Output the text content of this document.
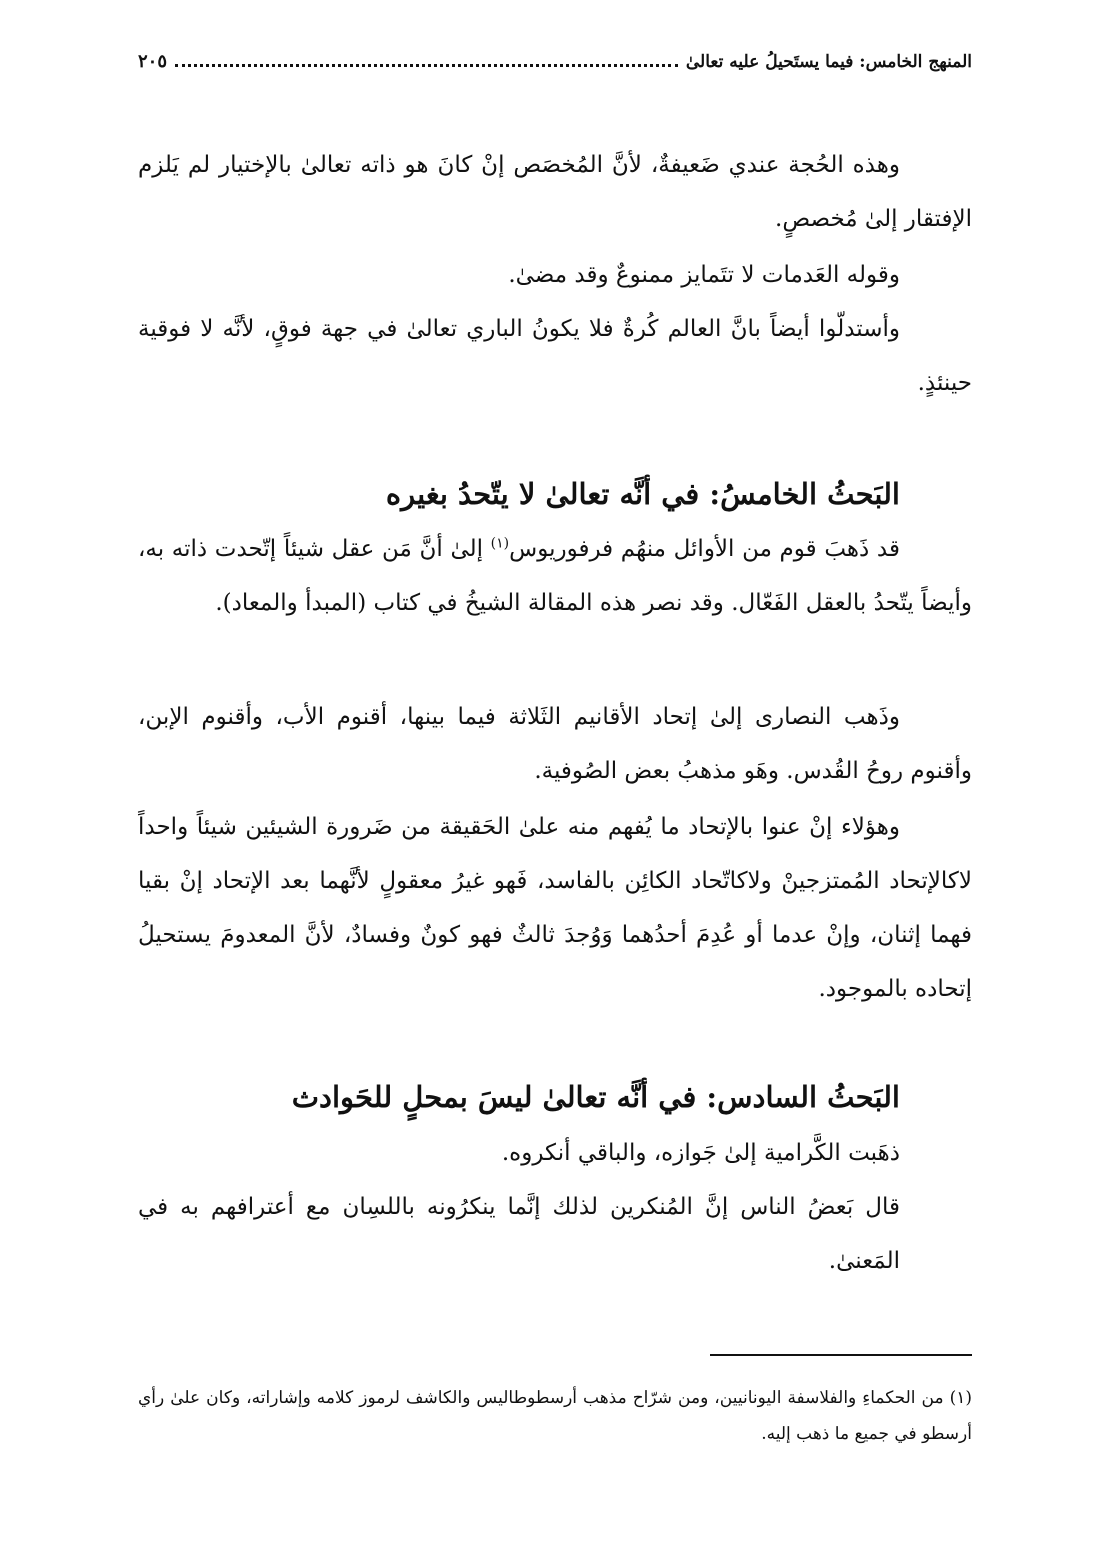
المنهج الخامس: فيما يستَحيلُ عليه تعالىٰ
٢٠٥

وهذه الحُجة عندي ضَعيفةٌ، لأنَّ المُخصَص إنْ كانَ هو ذاته تعالىٰ بالإختيار لم يَلزم الإفتقار إلىٰ مُخصصٍ.

وقوله العَدمات لا تتَمايز ممنوعٌ وقد مضىٰ.

وأستدلّوا أيضاً بانَّ العالم كُرةٌ فلا يكونُ الباري تعالىٰ في جهة فوقٍ، لأنَّه لا فوقية حينئذٍ.

البَحثُ الخامسُ: في أنَّه تعالىٰ لا يتّحدُ بغيره

قد ذَهبَ قوم من الأوائل منهُم فرفوريوس$^{(١)}$ إلىٰ أنَّ مَن عقل شيئاً إتّحدت ذاته به، وأيضاً يتّحدُ بالعقل الفَعّال. وقد نصر هذه المقالة الشيخُ في كتاب (المبدأ والمعاد).

وذَهب النصارى إلىٰ إتحاد الأقانيم الثَلاثة فيما بينها، أقنوم الأب، وأقنوم الإبن، وأقنوم روحُ القُدس. وهَو مذهبُ بعض الصُوفية.

وهؤلاء إنْ عنوا بالإتحاد ما يُفهم منه علىٰ الحَقيقة من ضَرورة الشيئين شيئاً واحداً لاكالإتحاد المُمتزجينْ ولاكاتّحاد الكائِن بالفاسد، فَهو غيرُ معقولٍ لأنَّهما بعد الإتحاد إنْ بقيا فهما إثنان، وإنْ عدما أو عُدِمَ أحدُهما وَوُجدَ ثالثٌ فهو كونٌ وفسادٌ، لأنَّ المعدومَ يستحيلُ إتحاده بالموجود.

البَحثُ السادس: في أنَّه تعالىٰ ليسَ بمحلٍ للحَوادث

ذهَبت الكَّرامية إلىٰ جَوازه، والباقي أنكروه.

قال بَعضُ الناس إنَّ المُنكرين لذلك إنَّما ينكرُونه باللسِان مع أعترافهم به في المَعنىٰ.

(١) من الحكماءِ والفلاسفة اليونانيين، ومن شرّاح مذهب أرسطوطاليس والكاشف لرموز كلامه وإشاراته، وكان علىٰ رأي أرسطو في جميع ما ذهب إليه.
